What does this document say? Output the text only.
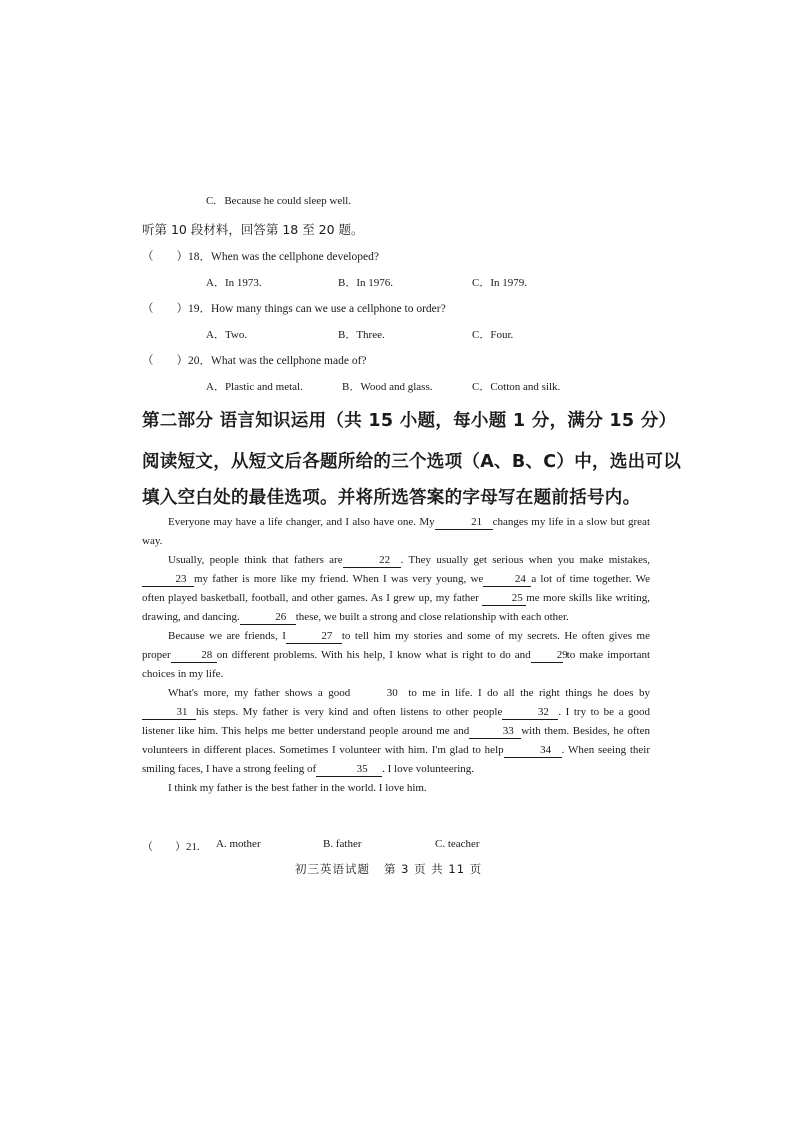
C. Because he could sleep well.
听第 10 段材料，回答第 18 至 20 题。
（　　）18．When was the cellphone developed?
A．In 1973.	B．In 1976.	C．In 1979.
（　　）19．How many things can we use a cellphone to order?
A．Two.	B．Three.	C．Four.
（　　）20．What was the cellphone made of?
A．Plastic and metal.	B．Wood and glass.	C．Cotton and silk.
第二部分 语言知识运用（共 15 小题，每小题 1 分，满分 15 分）
阅读短文，从短文后各题所给的三个选项（A、B、C）中，选出可以
填入空白处的最佳选项。并将所选答案的字母写在题前括号内。

Everyone may have a life changer, and I also have one. My	21 changes my life in a slow but great way.

Usually, people think that fathers are	22 . They usually get serious when you make mistakes,23 my father is more like my friend. When I was very young, we	24 a lot of time together. We often played basketball, football, and other games. As I grew up, my father	25 me more skills like writing, drawing, and dancing.	26 these, we built a strong and close relationship with each other.

Because we are friends, I	27 to tell him my stories and some of my secrets. He often gives me proper	28 on different problems. With his help, I know what is right to do and 29 to make important choices in my life.

What's more, my father shows a good	30 to me in life. I do all the right things he does by31 his steps. My father is very kind and often listens to other people	32 . I try to be a good listener like him. This helps me better understand people around me and	33 with them. Besides, he often volunteers in different places. Sometimes I volunteer with him. I'm glad to help	34 . When seeing their smiling faces, I have a strong feeling of	35 . I love volunteering.

I think my father is the best father in the world. I love him.

（　　）21. A. mother	B. father	C. teacher
初三英语试题 第 3 页 共 11 页
